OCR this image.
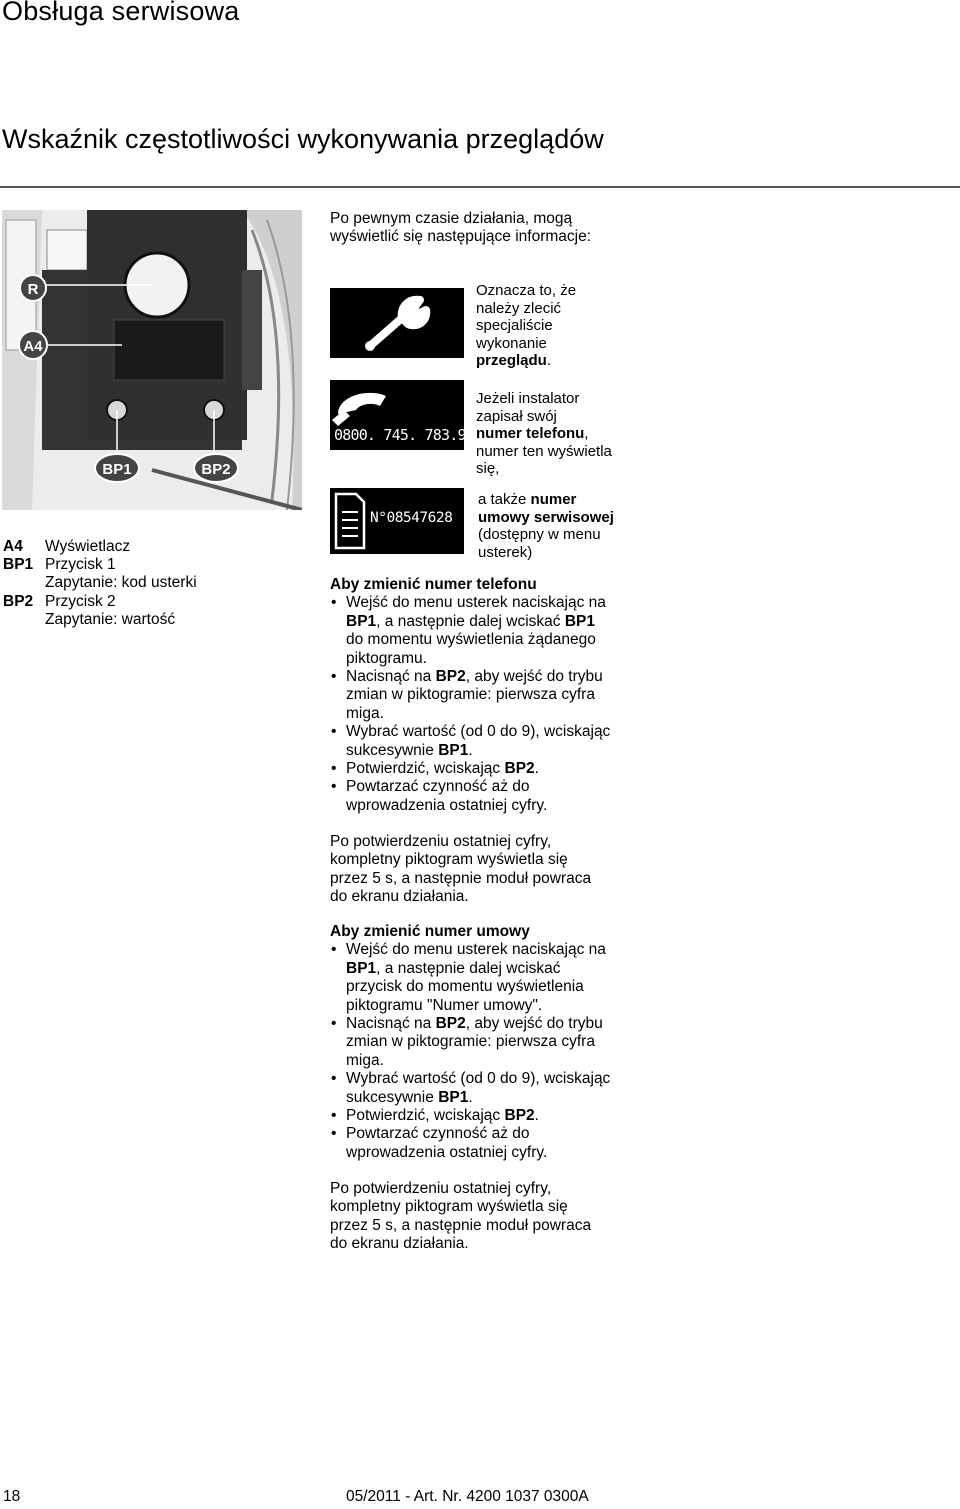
Obsługa serwisowa
Wskaźnik częstotliwości wykonywania przeglądów
R
A4
BP1	BP2
A4	Wyświetlacz
BP1 Przycisk 1
Zapytanie: kod usterki
BP2 Przycisk 2
Zapytanie: wartość
Po pewnym czasie działania, mogą
wyświetlić się następujące informacje:
Oznacza to, że
należy zlecić
specjaliście
wykonanie
przeglądu.
0800. 745. 783.932
Jeżeli instalator
zapisał swój
numer telefonu,
numer ten wyświetla
się,
N°08547628
a także numer
umowy serwisowej
(dostępny w menu
usterek)
Aby zmienić numer telefonu
• Wejść do menu usterek naciskając na
BP1, a następnie dalej wciskać BP1
do momentu wyświetlenia żądanego
piktogramu.
• Nacisnąć na BP2, aby wejść do trybu
zmian w piktogramie: pierwsza cyfra
miga.
• Wybrać wartość (od 0 do 9), wciskając
sukcesywnie BP1.
• Potwierdzić, wciskając BP2.
• Powtarzać czynność aż do
wprowadzenia ostatniej cyfry.
Po potwierdzeniu ostatniej cyfry,
kompletny piktogram wyświetla się
przez 5 s, a następnie moduł powraca
do ekranu działania.
Aby zmienić numer umowy
• Wejść do menu usterek naciskając na
BP1, a następnie dalej wciskać
przycisk do momentu wyświetlenia
piktogramu "Numer umowy".
• Nacisnąć na BP2, aby wejść do trybu
zmian w piktogramie: pierwsza cyfra
miga.
• Wybrać wartość (od 0 do 9), wciskając
sukcesywnie BP1.
• Potwierdzić, wciskając BP2.
• Powtarzać czynność aż do
wprowadzenia ostatniej cyfry.
Po potwierdzeniu ostatniej cyfry,
kompletny piktogram wyświetla się
przez 5 s, a następnie moduł powraca
do ekranu działania.
18	05/2011 - Art. Nr. 4200 1037 0300A
